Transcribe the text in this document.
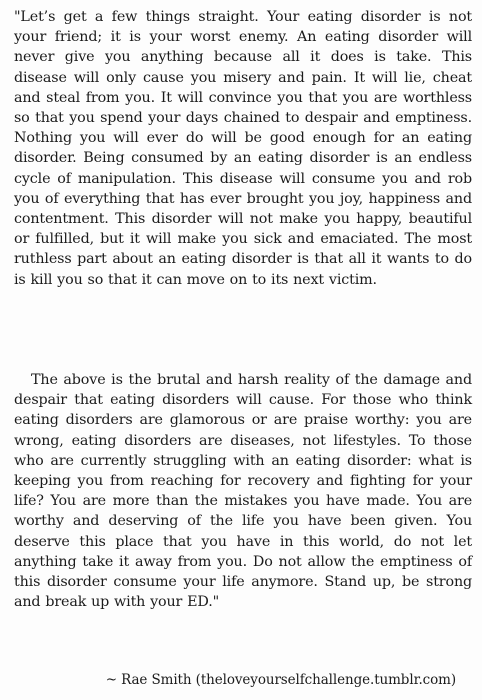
"Let’s get a few things straight. Your eating disorder is not your friend; it is your worst enemy. An eating disorder will never give you anything because all it does is take. This disease will only cause you misery and pain. It will lie, cheat and steal from you. It will convince you that you are worthless so that you spend your days chained to despair and emptiness. Nothing you will ever do will be good enough for an eating disorder. Being consumed by an eating disorder is an endless cycle of manipulation. This disease will consume you and rob you of everything that has ever brought you joy, happiness and contentment. This disorder will not make you happy, beautiful or fulfilled, but it will make you sick and emaciated. The most ruthless part about an eating disorder is that all it wants to do is kill you so that it can move on to its next victim.

The above is the brutal and harsh reality of the damage and despair that eating disorders will cause. For those who think eating disorders are glamorous or are praise worthy: you are wrong, eating disorders are diseases, not lifestyles. To those who are currently struggling with an eating disorder: what is keeping you from reaching for recovery and fighting for your life? You are more than the mistakes you have made. You are worthy and deserving of the life you have been given. You deserve this place that you have in this world, do not let anything take it away from you. Do not allow the emptiness of this disorder consume your life anymore. Stand up, be strong and break up with your ED."

~ Rae Smith (theloveyourselfchallenge.tumblr.com)
